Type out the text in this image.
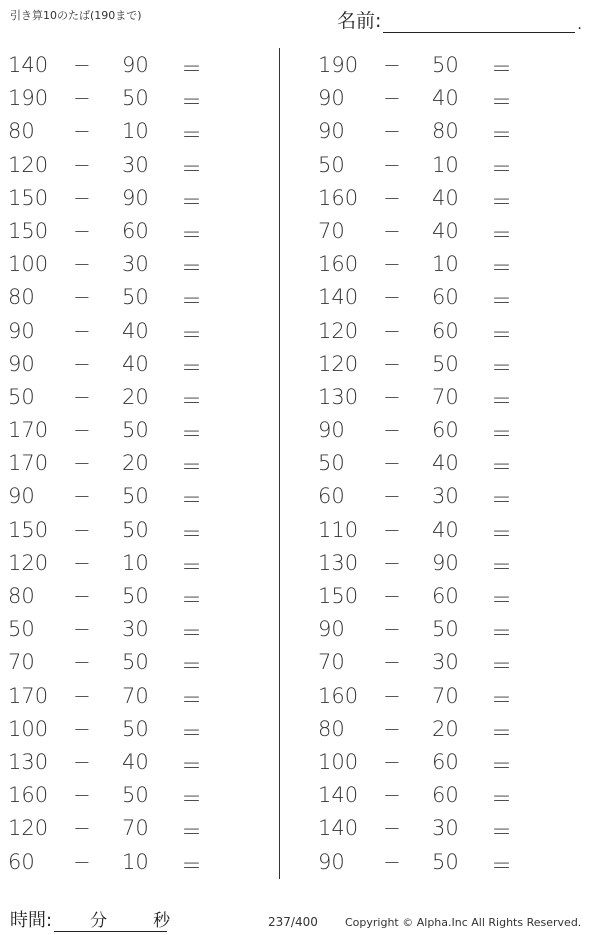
引き算10のたば(190まで)	名前:	.
140 − 90 ＝
190 − 50 ＝
80 − 10 ＝
120 − 30 ＝
150 − 90 ＝
150 − 60 ＝
100 − 30 ＝
80 − 50 ＝
90 − 40 ＝
90 − 40 ＝
50 − 20 ＝
170 − 50 ＝
170 − 20 ＝
90 − 50 ＝
150 − 50 ＝
120 − 10 ＝
80 − 50 ＝
50 − 30 ＝
70 − 50 ＝
170 − 70 ＝
100 − 50 ＝
130 − 40 ＝
160 − 50 ＝
120 − 70 ＝
60 − 10 ＝
190 − 50 ＝
90 − 40 ＝
90 − 80 ＝
50 − 10 ＝
160 − 40 ＝
70 − 40 ＝
160 − 10 ＝
140 − 60 ＝
120 − 60 ＝
120 − 50 ＝
130 − 70 ＝
90 − 60 ＝
50 − 40 ＝
60 − 30 ＝
110 − 40 ＝
130 − 90 ＝
150 − 60 ＝
90 − 50 ＝
70 − 30 ＝
160 − 70 ＝
80 − 20 ＝
100 − 60 ＝
140 − 60 ＝
140 − 30 ＝
90 − 50 ＝
時間: 分	秒	237/400 Copyright © Alpha.Inc All Rights Reserved.
